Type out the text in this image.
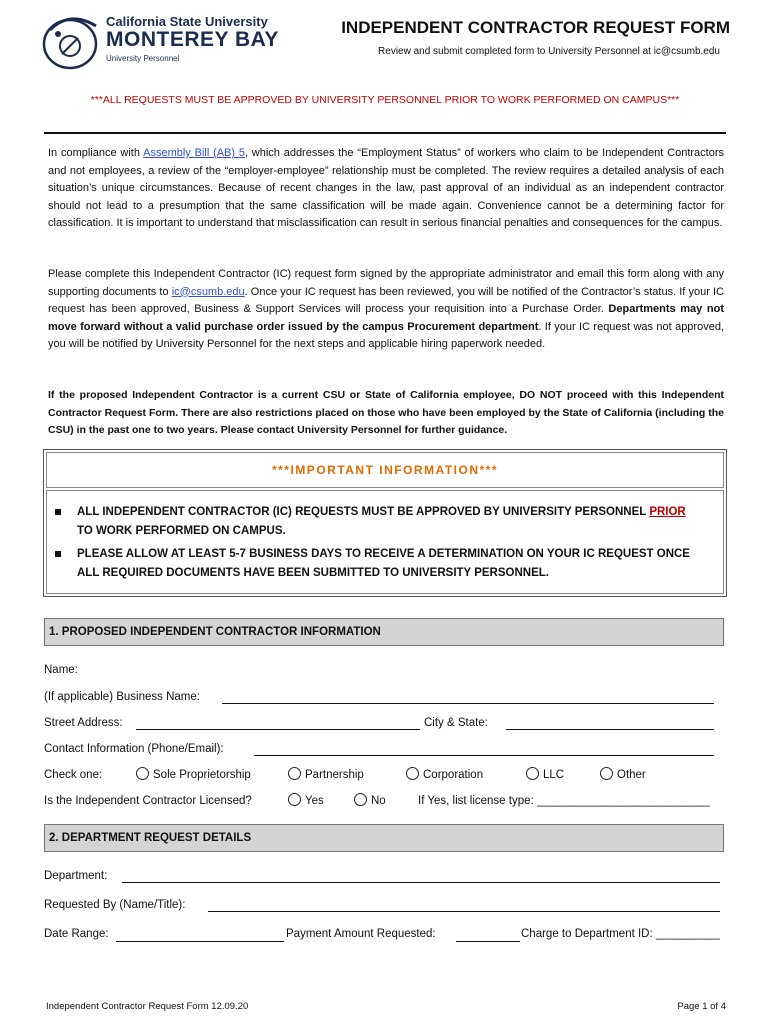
California State University
MONTEREY BAY
University Personnel
INDEPENDENT CONTRACTOR REQUEST FORM
Review and submit completed form to University Personnel at ic@csumb.edu
***ALL REQUESTS MUST BE APPROVED BY UNIVERSITY PERSONNEL PRIOR TO WORK PERFORMED ON CAMPUS***
In compliance with Assembly Bill (AB) 5, which addresses the “Employment Status” of workers who claim to be Independent Contractors and not employees, a review of the “employer-employee” relationship must be completed. The review requires a detailed analysis of each situation’s unique circumstances. Because of recent changes in the law, past approval of an individual as an independent contractor should not lead to a presumption that the same classification will be made again. Convenience cannot be a determining factor for classification. It is important to understand that misclassification can result in serious financial penalties and consequences for the campus.
Please complete this Independent Contractor (IC) request form signed by the appropriate administrator and email this form along with any supporting documents to ic@csumb.edu. Once your IC request has been reviewed, you will be notified of the Contractor’s status. If your IC request has been approved, Business & Support Services will process your requisition into a Purchase Order. Departments may not move forward without a valid purchase order issued by the campus Procurement department. If your IC request was not approved, you will be notified by University Personnel for the next steps and applicable hiring paperwork needed.
If the proposed Independent Contractor is a current CSU or State of California employee, DO NOT proceed with this Independent Contractor Request Form. There are also restrictions placed on those who have been employed by the State of California (including the CSU) in the past one to two years. Please contact University Personnel for further guidance.
***IMPORTANT INFORMATION***
ALL INDEPENDENT CONTRACTOR (IC) REQUESTS MUST BE APPROVED BY UNIVERSITY PERSONNEL PRIOR TO WORK PERFORMED ON CAMPUS.
PLEASE ALLOW AT LEAST 5-7 BUSINESS DAYS TO RECEIVE A DETERMINATION ON YOUR IC REQUEST ONCE ALL REQUIRED DOCUMENTS HAVE BEEN SUBMITTED TO UNIVERSITY PERSONNEL.
1. PROPOSED INDEPENDENT CONTRACTOR INFORMATION
Name:
(If applicable) Business Name:
Street Address:	City & State:
Contact Information (Phone/Email):
Check one:	Sole Proprietorship	Partnership	Corporation	LLC	Other
Is the Independent Contractor Licensed?	Yes	No	If Yes, list license type: ___________________________
2. DEPARTMENT REQUEST DETAILS
Department:
Requested By (Name/Title):
Date Range:	Payment Amount Requested:	Charge to Department ID: __________
Independent Contractor Request Form 12.09.20	Page 1 of 4
